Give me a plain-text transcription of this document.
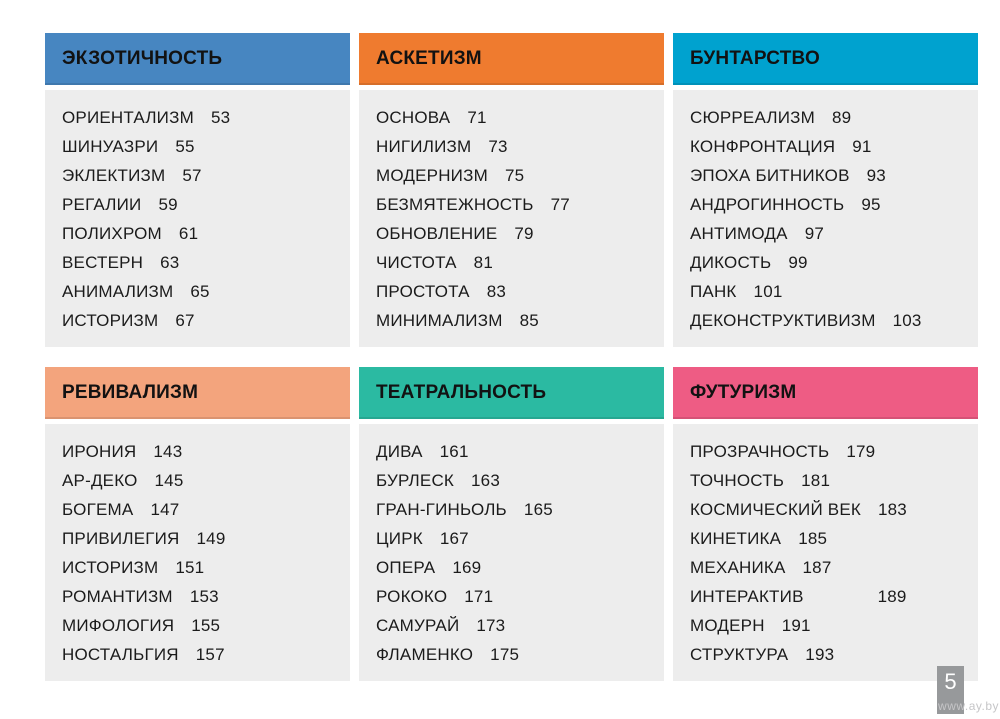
ЭКЗОТИЧНОСТЬ
ОРИЕНТАЛИЗМ 53
ШИНУАЗРИ 55
ЭКЛЕКТИЗМ 57
РЕГАЛИИ 59
ПОЛИХРОМ 61
ВЕСТЕРН 63
АНИМАЛИЗМ 65
ИСТОРИЗМ 67
АСКЕТИЗМ
ОСНОВА 71
НИГИЛИЗМ 73
МОДЕРНИЗМ 75
БЕЗМЯТЕЖНОСТЬ 77
ОБНОВЛЕНИЕ 79
ЧИСТОТА 81
ПРОСТОТА 83
МИНИМАЛИЗМ 85
БУНТАРСТВО
СЮРРЕАЛИЗМ 89
КОНФРОНТАЦИЯ 91
ЭПОХА БИТНИКОВ 93
АНДРОГИННОСТЬ 95
АНТИМОДА 97
ДИКОСТЬ 99
ПАНК 101
ДЕКОНСТРУКТИВИЗМ 103
РЕВИВАЛИЗМ
ИРОНИЯ 143
АР-ДЕКО 145
БОГЕМА 147
ПРИВИЛЕГИЯ 149
ИСТОРИЗМ 151
РОМАНТИЗМ 153
МИФОЛОГИЯ 155
НОСТАЛЬГИЯ 157
ТЕАТРАЛЬНОСТЬ
ДИВА 161
БУРЛЕСК 163
ГРАН-ГИНЬОЛЬ 165
ЦИРК 167
ОПЕРА 169
РОКОКО 171
САМУРАЙ 173
ФЛАМЕНКО 175
ФУТУРИЗМ
ПРОЗРАЧНОСТЬ 179
ТОЧНОСТЬ 181
КОСМИЧЕСКИЙ ВЕК 183
КИНЕТИКА 185
МЕХАНИКА 187
ИНТЕРАКТИВ	189
МОДЕРН 191
СТРУКТУРА 193
5
www.ay.by
